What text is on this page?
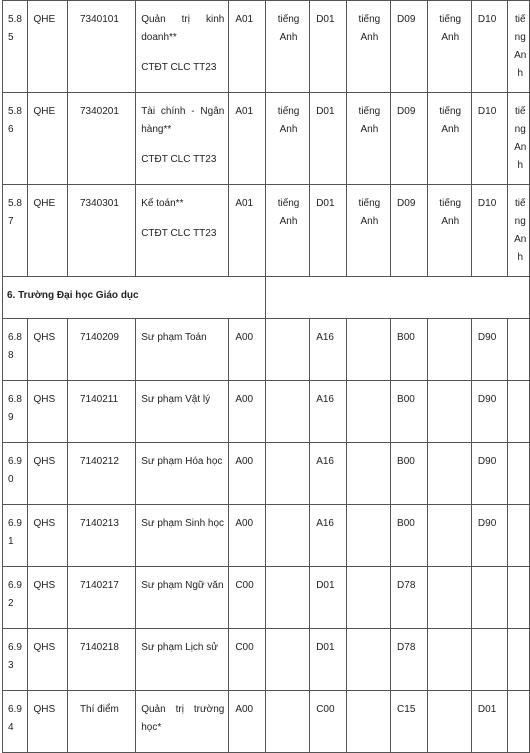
5.85	QHE	7340101	Quản trị kinh doanh**
CTĐT CLC TT23	A01	tiếng Anh	D01	tiếng Anh	D09	tiếng Anh	D10	tiếng Anh
5.86	QHE	7340201	Tài chính - Ngân hàng**
CTĐT CLC TT23	A01	tiếng Anh	D01	tiếng Anh	D09	tiếng Anh	D10	tiếng Anh
5.87	QHE	7340301	Kế toán**
CTĐT CLC TT23	A01	tiếng Anh	D01	tiếng Anh	D09	tiếng Anh	D10	tiếng Anh
6. Trường Đại học Giáo dục											
6.88	QHS	7140209	Sư phạm Toán	A00		A16		B00		D90	
6.89	QHS	7140211	Sư phạm Vật lý	A00		A16		B00		D90	
6.90	QHS	7140212	Sư phạm Hóa học	A00		A16		B00		D90	
6.91	QHS	7140213	Sư phạm Sinh học	A00		A16		B00		D90	
6.92	QHS	7140217	Sư phạm Ngữ văn	C00		D01		D78			
6.93	QHS	7140218	Sư phạm Lịch sử	C00		D01		D78			
6.94	QHS	Thí điểm	Quản trị trường học*	A00		C00		C15		D01	
